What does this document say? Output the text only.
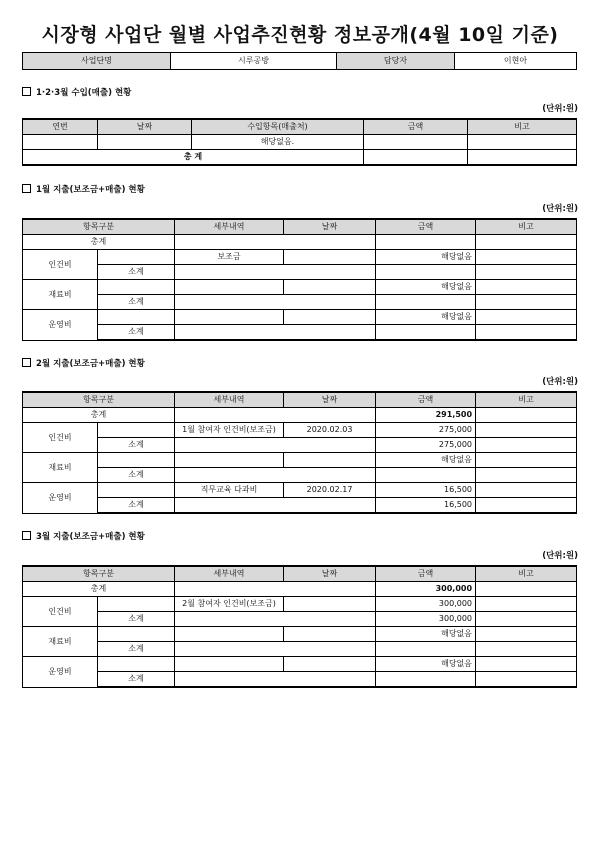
시장형 사업단 월별 사업추진현황 정보공개(4월 10일 기준)
사업단명	시루공방	담당자	이현아
1·2·3월 수입(매출) 현황
(단위:원)
연번	날짜	수입항목(매출처)	금액	비고
		해당없음.		
총 계				
1월 지출(보조금+매출) 현황
(단위:원)
항목구분		세부내역	날짜	금액	비고
총계					
인건비		보조금		해당없음	
	소계				
재료비				해당없음	
	소계				
운영비				해당없음	
	소계				
2월 지출(보조금+매출) 현황
(단위:원)
항목구분		세부내역	날짜	금액	비고
총계				291,500	
인건비		1월 참여자 인건비(보조금)	2020.02.03	275,000	
	소계			275,000	
재료비				해당없음	
	소계				
운영비		직무교육 다과비	2020.02.17	16,500	
	소계			16,500	
3월 지출(보조금+매출) 현황
(단위:원)
항목구분		세부내역	날짜	금액	비고
총계				300,000	
인건비		2월 참여자 인건비(보조금)		300,000	
	소계			300,000	
재료비				해당없음	
	소계				
운영비				해당없음	
	소계				
